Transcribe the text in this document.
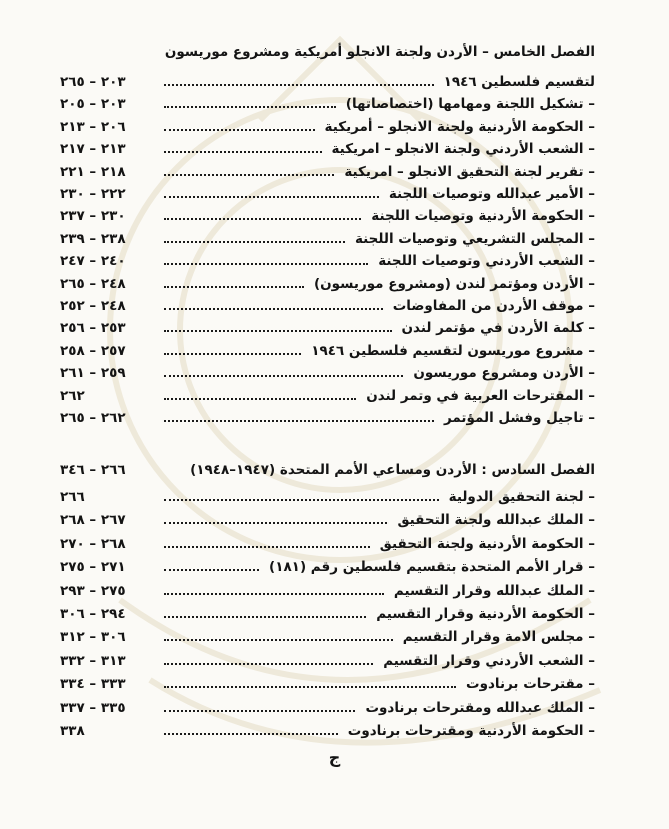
الفصل الخامس – الأردن ولجنة الانجلو أمريكية ومشروع موريسون
لتقسيم فلسطين ١٩٤٦
٢٠٣ – ٢٦٥
– تشكيل اللجنة ومهامها (اختصاصاتها)
٢٠٣ – ٢٠٥
– الحكومة الأردنية ولجنة الانجلو – أمريكية
٢٠٦ – ٢١٣
– الشعب الأردني ولجنة الانجلو – امريكية
٢١٣ – ٢١٧
– تقرير لجنة التحقيق الانجلو – امريكية
٢١٨ – ٢٢١
– الأمير عبدالله وتوصيات اللجنة
٢٢٢ – ٢٣٠
– الحكومة الأردنية وتوصيات اللجنة
٢٣٠ – ٢٣٧
– المجلس التشريعي وتوصيات اللجنة
٢٣٨ – ٢٣٩
– الشعب الأردني وتوصيات اللجنة
٢٤٠ – ٢٤٧
– الأردن ومؤتمر لندن (ومشروع موريسون)
٢٤٨ – ٢٦٥
– موقف الأردن من المفاوضات
٢٤٨ – ٢٥٢
– كلمة الأردن في مؤتمر لندن
٢٥٣ – ٢٥٦
– مشروع موريسون لتقسيم فلسطين ١٩٤٦
٢٥٧ – ٢٥٨
– الأردن ومشروع موريسون
٢٥٩ – ٢٦١
– المقترحات العربية في وتمر لندن
٢٦٢
– تاجيل وفشل المؤتمر
٢٦٢ – ٢٦٥
الفصل السادس : الأردن ومساعي الأمم المتحدة (١٩٤٧–١٩٤٨)
٢٦٦ – ٣٤٦
– لجنة التحقيق الدولية
٢٦٦
– الملك عبدالله ولجنة التحقيق
٢٦٧ – ٢٦٨
– الحكومة الأردنية ولجنة التحقيق
٢٦٨ – ٢٧٠
– قرار الأمم المتحدة بتقسيم فلسطين رقم (١٨١)
٢٧١ – ٢٧٥
– الملك عبدالله وقرار التقسيم
٢٧٥ – ٢٩٣
– الحكومة الأردنية وقرار التقسيم
٢٩٤ – ٣٠٦
– مجلس الامة وقرار التقسيم
٣٠٦ – ٣١٢
– الشعب الأردني وقرار التقسيم
٣١٣ – ٣٣٢
– مقترحات برنادوت
٣٣٣ – ٣٣٤
– الملك عبدالله ومقترحات برنادوت
٣٣٥ – ٣٣٧
– الحكومة الأردنية ومقترحات برنادوت
٣٣٨
ج
